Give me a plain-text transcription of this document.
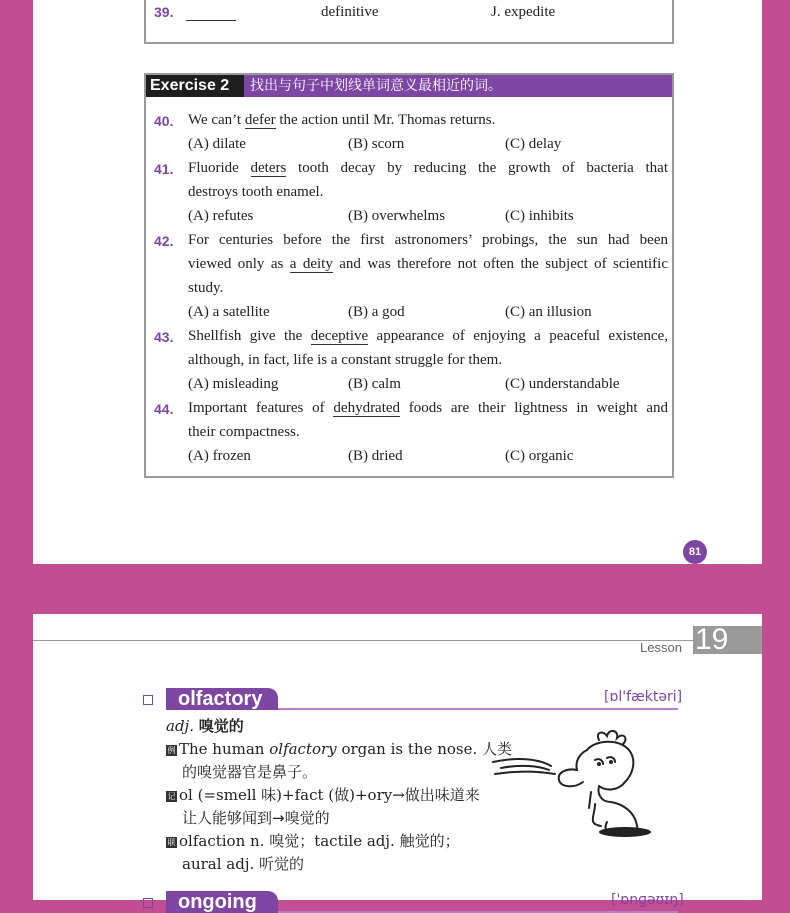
39.	definitive	J. expedite
Exercise 2	找出与句子中划线单词意义最相近的词。
40. We can’t defer the action until Mr. Thomas returns.
(A) dilate	(B) scorn	(C) delay
41. Fluoride deters tooth decay by reducing the growth of bacteria that
destroys tooth enamel.
(A) refutes	(B) overwhelms	(C) inhibits
42. For centuries before the first astronomers’ probings, the sun had been
viewed only as a deity and was therefore not often the subject of scientific
study.
(A) a satellite	(B) a god	(C) an illusion
43. Shellfish give the deceptive appearance of enjoying a peaceful existence,
although, in fact, life is a constant struggle for them.
(A) misleading	(B) calm	(C) understandable
44. Important features of dehydrated foods are their lightness in weight and
their compactness.
(A) frozen	(B) dried	(C) organic
81
Lesson 19
olfactory	[ɒl'fæktəri]
adj. 嗅觉的
例 The human olfactory organ is the nose. 人类
的嗅觉器官是鼻子。
记 ol (=smell 味)+fact (做)+ory→做出味道来
让人能够闻到→嗅觉的
联 olfaction n. 嗅觉；tactile adj. 触觉的；
aural adj. 听觉的
ongoing	['ɒnɡəʊɪŋ]
